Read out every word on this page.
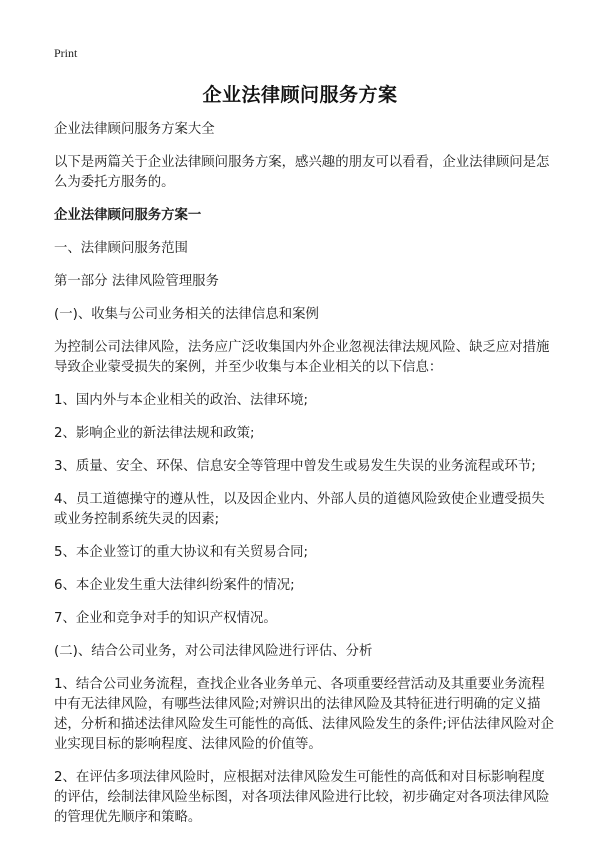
Print
企业法律顾问服务方案

企业法律顾问服务方案大全

以下是两篇关于企业法律顾问服务方案，感兴趣的朋友可以看看，企业法律顾问是怎么为委托方服务的。

企业法律顾问服务方案一

一、法律顾问服务范围

第一部分 法律风险管理服务

(一)、收集与公司业务相关的法律信息和案例

为控制公司法律风险，法务应广泛收集国内外企业忽视法律法规风险、缺乏应对措施导致企业蒙受损失的案例，并至少收集与本企业相关的以下信息：

1、国内外与本企业相关的政治、法律环境;

2、影响企业的新法律法规和政策;

3、质量、安全、环保、信息安全等管理中曾发生或易发生失误的业务流程或环节;

4、员工道德操守的遵从性，以及因企业内、外部人员的道德风险致使企业遭受损失或业务控制系统失灵的因素;

5、本企业签订的重大协议和有关贸易合同;

6、本企业发生重大法律纠纷案件的情况;

7、企业和竞争对手的知识产权情况。

(二)、结合公司业务，对公司法律风险进行评估、分析

1、结合公司业务流程，查找企业各业务单元、各项重要经营活动及其重要业务流程中有无法律风险，有哪些法律风险;对辨识出的法律风险及其特征进行明确的定义描述，分析和描述法律风险发生可能性的高低、法律风险发生的条件;评估法律风险对企业实现目标的影响程度、法律风险的价值等。

2、在评估多项法律风险时，应根据对法律风险发生可能性的高低和对目标影响程度的评估，绘制法律风险坐标图，对各项法律风险进行比较，初步确定对各项法律风险的管理优先顺序和策略。
